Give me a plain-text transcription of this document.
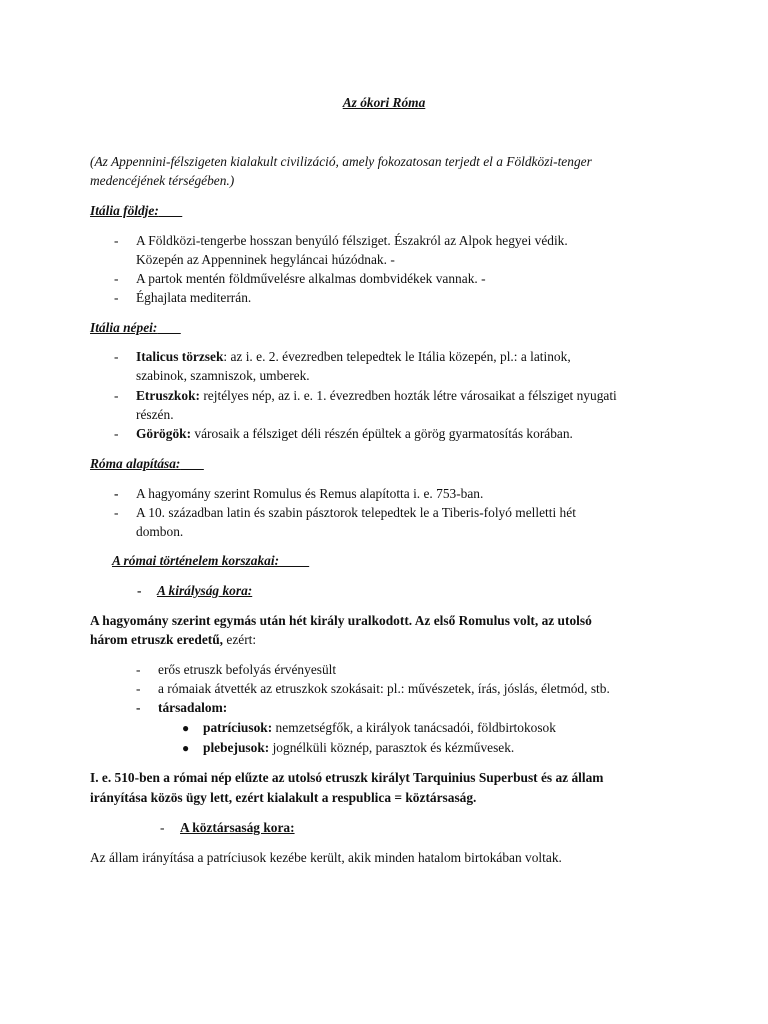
Az ókori Róma
(Az Appennini-félszigeten kialakult civilizáció, amely fokozatosan terjedt el a Földközi-tenger
medencéjének térségében.)
Itália földje:
- A Földközi-tengerbe hosszan benyúló félsziget. Északról az Alpok hegyei védik.
Közepén az Appenninek hegyláncai húzódnak. -
- A partok mentén földművelésre alkalmas dombvidékek vannak. -
- Éghajlata mediterrán.
Itália népei:
- Italicus törzsek: az i. e. 2. évezredben telepedtek le Itália közepén, pl.: a latinok,
szabinok, szamniszok, umberek.
- Etruszkok: rejtélyes nép, az i. e. 1. évezredben hozták létre városaikat a félsziget nyugati
részén.
- Görögök: városaik a félsziget déli részén épültek a görög gyarmatosítás korában.
Róma alapítása:
- A hagyomány szerint Romulus és Remus alapította i. e. 753-ban.
- A 10. században latin és szabin pásztorok telepedtek le a Tiberis-folyó melletti hét
dombon.
A római történelem korszakai:
- A királyság kora:
A hagyomány szerint egymás után hét király uralkodott. Az első Romulus volt, az utolsó
három etruszk eredetű, ezért:
- erős etruszk befolyás érvényesült
- a rómaiak átvették az etruszkok szokásait: pl.: művészetek, írás, jóslás, életmód, stb.
- társadalom:
● patríciusok: nemzetségfők, a királyok tanácsadói, földbirtokosok
● plebejusok: jognélküli köznép, parasztok és kézművesek.
I. e. 510-ben a római nép elűzte az utolsó etruszk királyt Tarquinius Superbust és az állam
irányítása közös ügy lett, ezért kialakult a respublica = köztársaság.
- A köztársaság kora:
Az állam irányítása a patríciusok kezébe került, akik minden hatalom birtokában voltak.
